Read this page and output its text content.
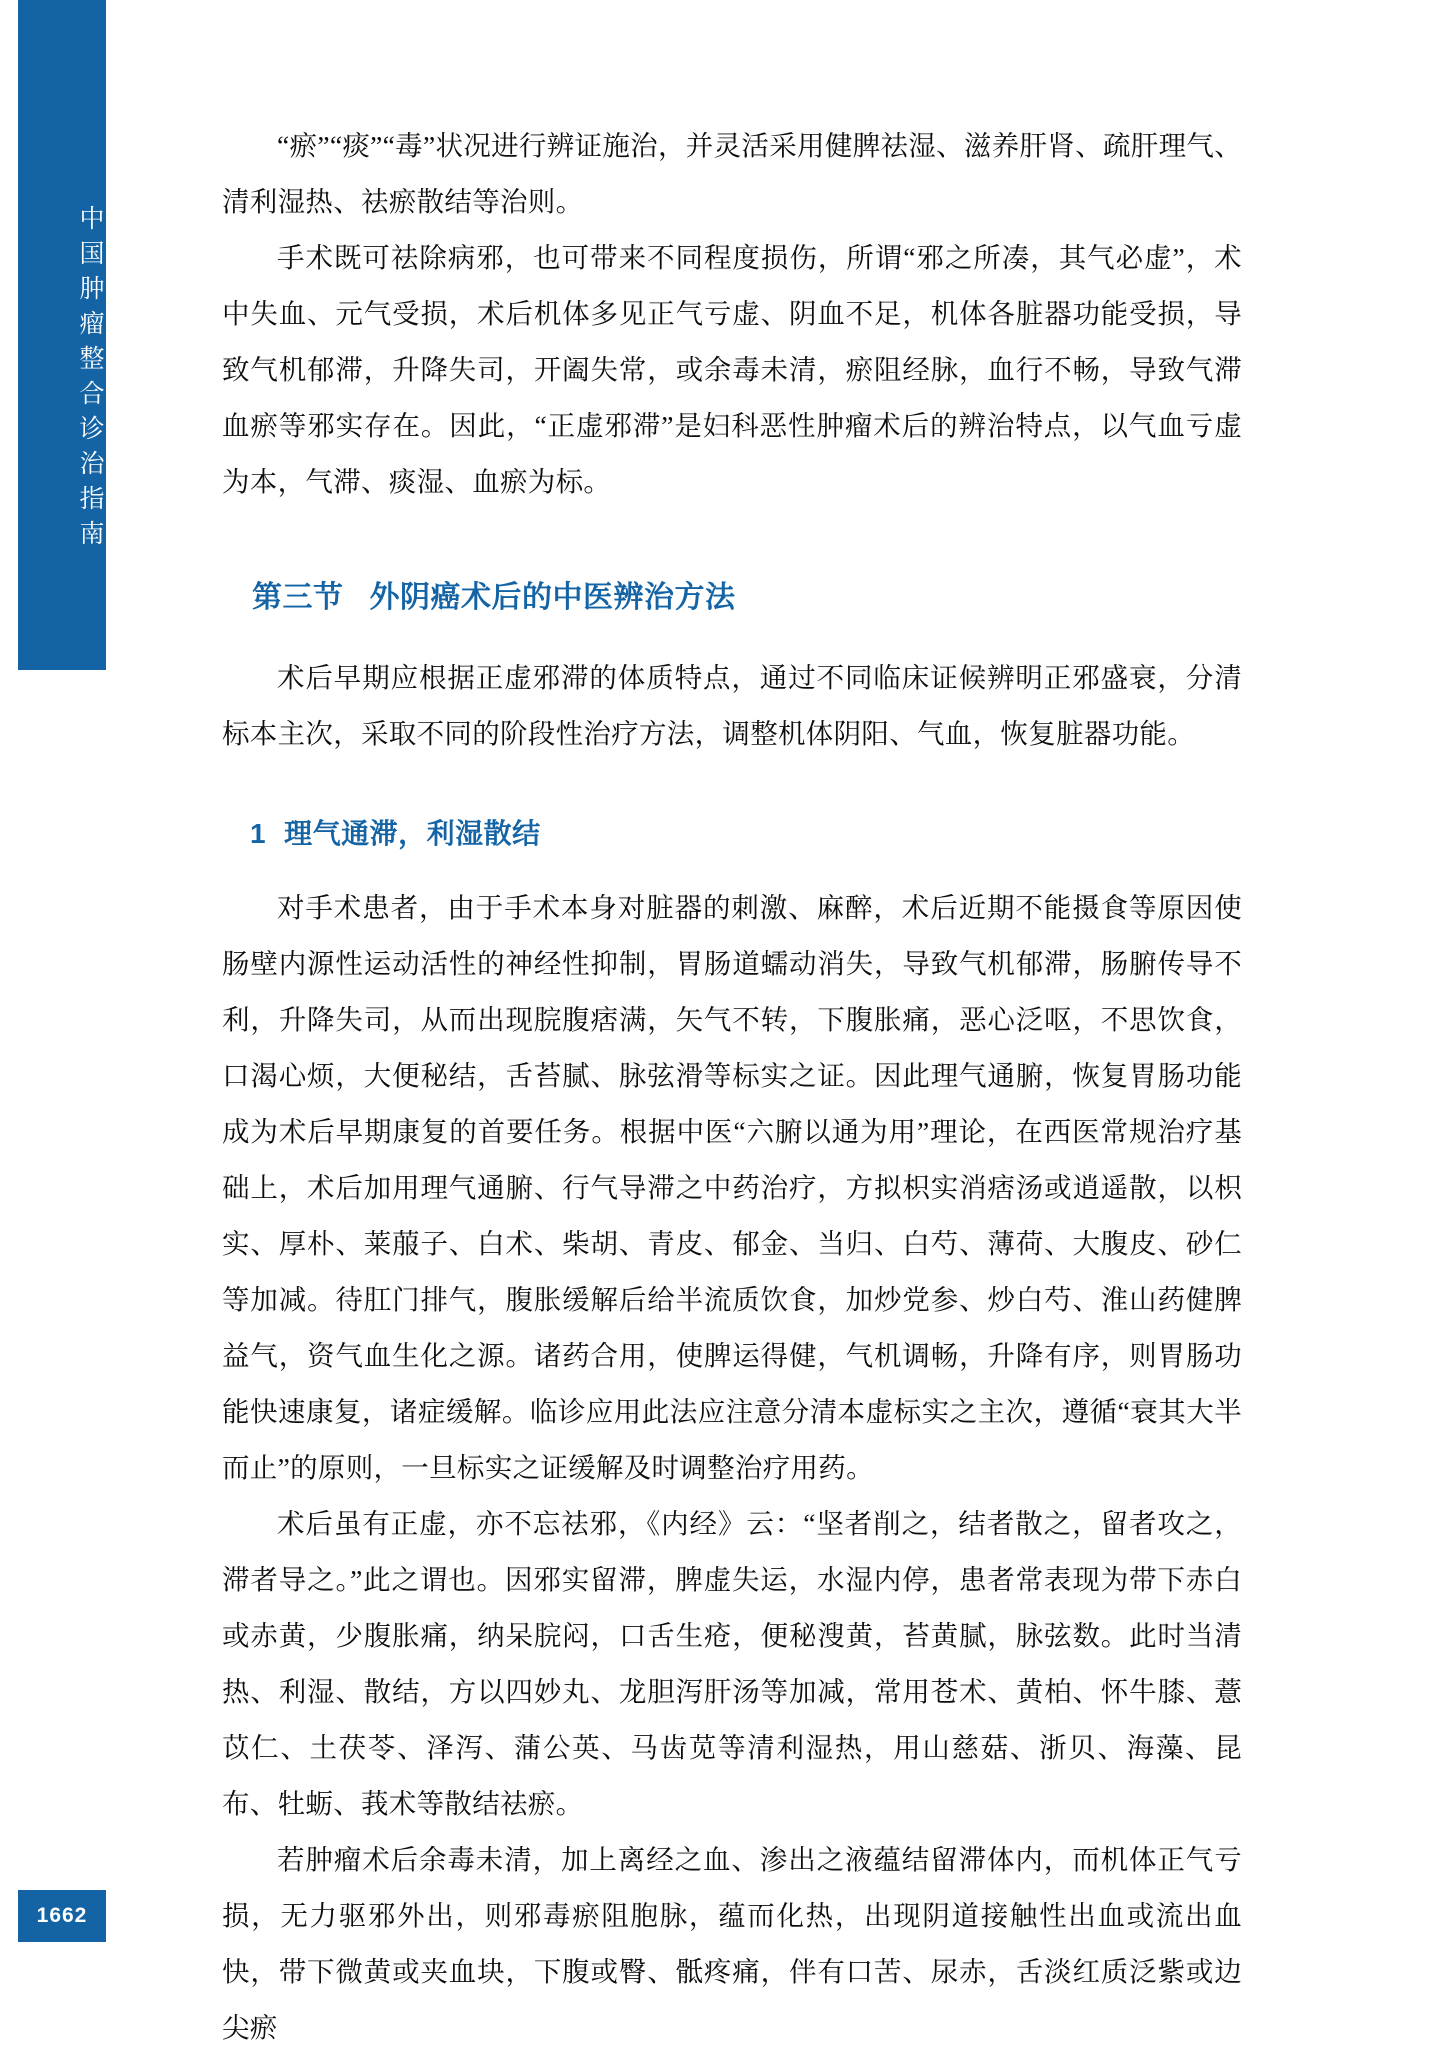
中国肿瘤整合诊治指南
1662

“瘀”“痰”“毒”状况进行辨证施治，并灵活采用健脾祛湿、滋养肝肾、疏肝理气、清利湿热、祛瘀散结等治则。

手术既可祛除病邪，也可带来不同程度损伤，所谓“邪之所凑，其气必虚”，术中失血、元气受损，术后机体多见正气亏虚、阴血不足，机体各脏器功能受损，导致气机郁滞，升降失司，开阖失常，或余毒未清，瘀阻经脉，血行不畅，导致气滞血瘀等邪实存在。因此，“正虚邪滞”是妇科恶性肿瘤术后的辨治特点，以气血亏虚为本，气滞、痰湿、血瘀为标。

第三节 外阴癌术后的中医辨治方法

术后早期应根据正虚邪滞的体质特点，通过不同临床证候辨明正邪盛衰，分清标本主次，采取不同的阶段性治疗方法，调整机体阴阳、气血，恢复脏器功能。

1 理气通滞，利湿散结

对手术患者，由于手术本身对脏器的刺激、麻醉，术后近期不能摄食等原因使肠壁内源性运动活性的神经性抑制，胃肠道蠕动消失，导致气机郁滞，肠腑传导不利，升降失司，从而出现脘腹痞满，矢气不转，下腹胀痛，恶心泛呕，不思饮食，口渴心烦，大便秘结，舌苔腻、脉弦滑等标实之证。因此理气通腑，恢复胃肠功能成为术后早期康复的首要任务。根据中医“六腑以通为用”理论，在西医常规治疗基础上，术后加用理气通腑、行气导滞之中药治疗，方拟枳实消痞汤或逍遥散，以枳实、厚朴、莱菔子、白术、柴胡、青皮、郁金、当归、白芍、薄荷、大腹皮、砂仁等加减。待肛门排气，腹胀缓解后给半流质饮食，加炒党参、炒白芍、淮山药健脾益气，资气血生化之源。诸药合用，使脾运得健，气机调畅，升降有序，则胃肠功能快速康复，诸症缓解。临诊应用此法应注意分清本虚标实之主次，遵循“衰其大半而止”的原则，一旦标实之证缓解及时调整治疗用药。

术后虽有正虚，亦不忘祛邪，《内经》云：“坚者削之，结者散之，留者攻之，滞者导之。”此之谓也。因邪实留滞，脾虚失运，水湿内停，患者常表现为带下赤白或赤黄，少腹胀痛，纳呆脘闷，口舌生疮，便秘溲黄，苔黄腻，脉弦数。此时当清热、利湿、散结，方以四妙丸、龙胆泻肝汤等加减，常用苍术、黄柏、怀牛膝、薏苡仁、土茯苓、泽泻、蒲公英、马齿苋等清利湿热，用山慈菇、浙贝、海藻、昆布、牡蛎、莪术等散结祛瘀。

若肿瘤术后余毒未清，加上离经之血、渗出之液蕴结留滞体内，而机体正气亏损，无力驱邪外出，则邪毒瘀阻胞脉，蕴而化热，出现阴道接触性出血或流出血快，带下微黄或夹血块，下腹或臀、骶疼痛，伴有口苦、尿赤，舌淡红质泛紫或边尖瘀
